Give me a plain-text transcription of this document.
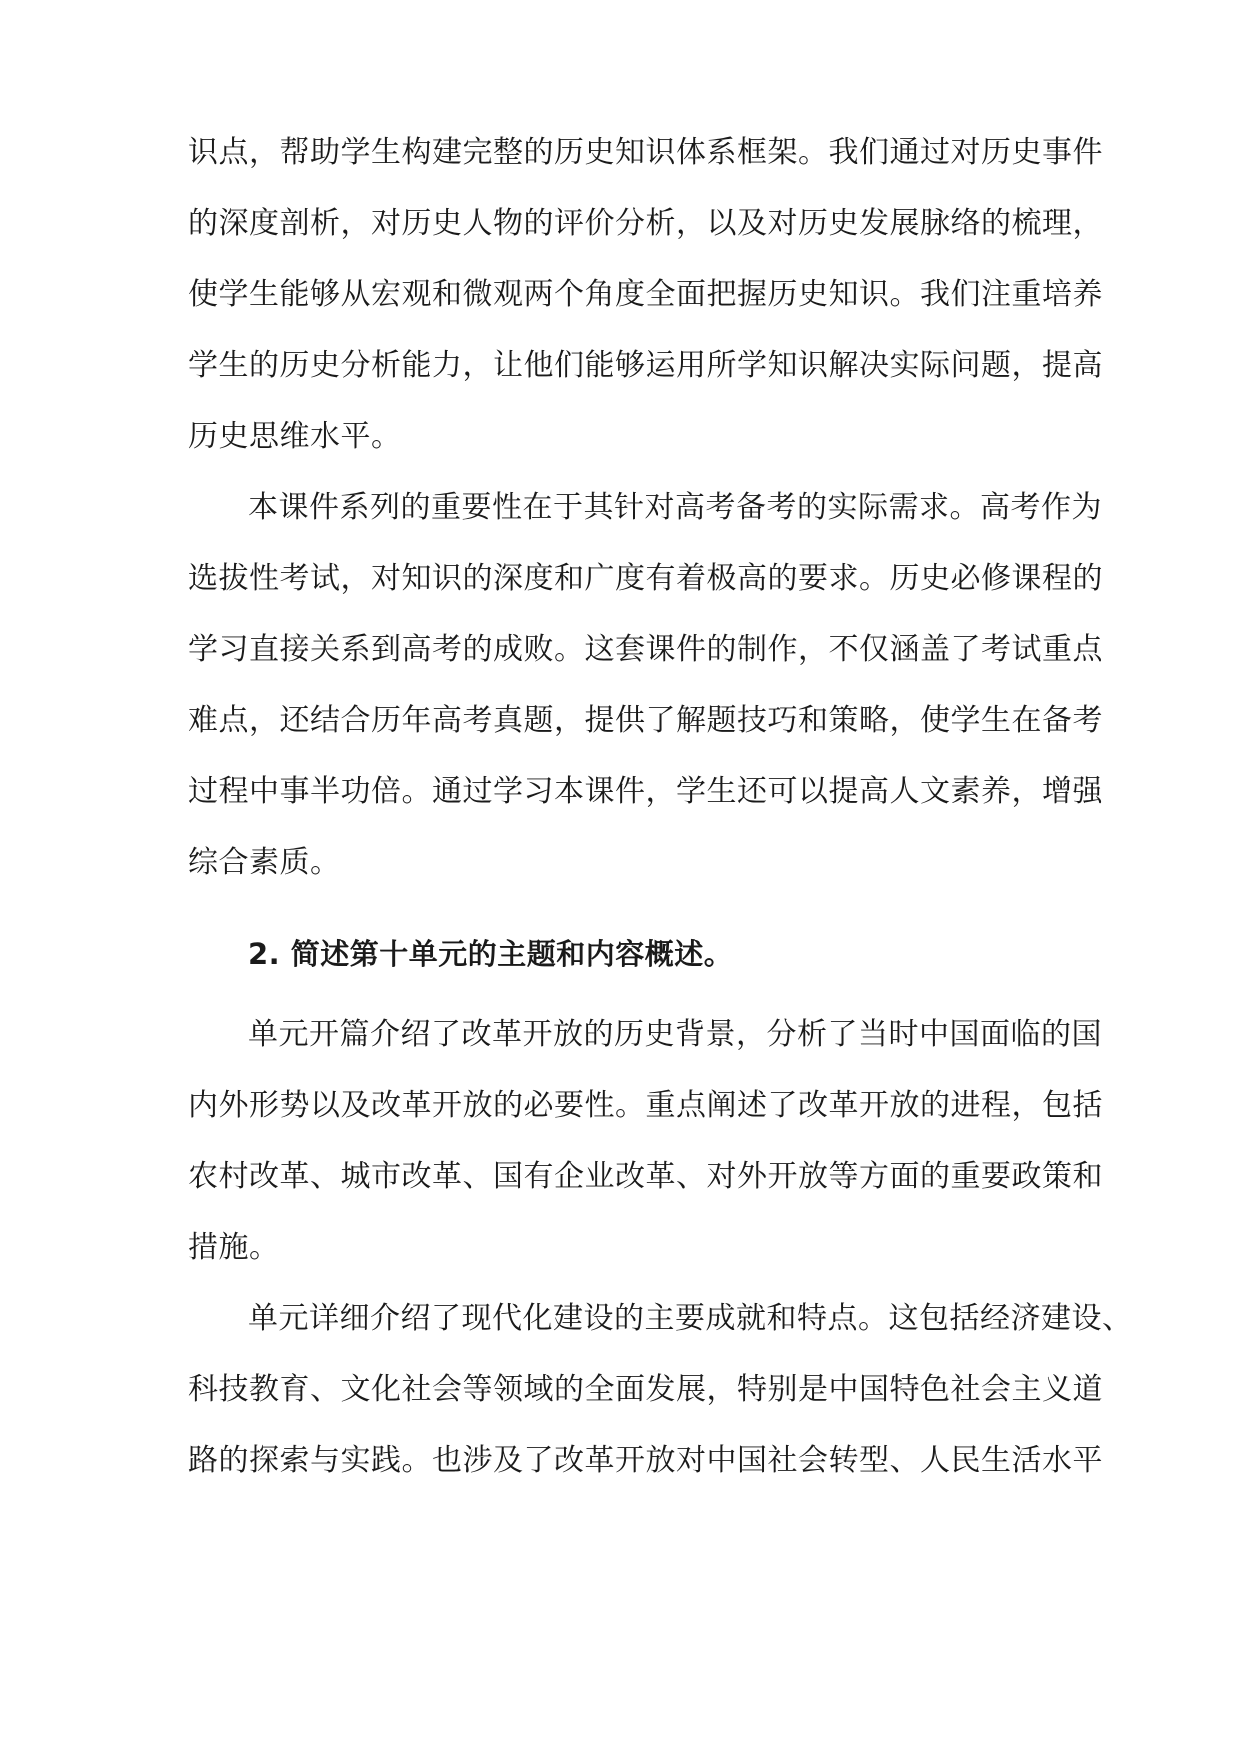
识点，帮助学生构建完整的历史知识体系框架。我们通过对历史事件
的深度剖析，对历史人物的评价分析，以及对历史发展脉络的梳理，
使学生能够从宏观和微观两个角度全面把握历史知识。我们注重培养
学生的历史分析能力，让他们能够运用所学知识解决实际问题，提高
历史思维水平。
本课件系列的重要性在于其针对高考备考的实际需求。高考作为
选拔性考试，对知识的深度和广度有着极高的要求。历史必修课程的
学习直接关系到高考的成败。这套课件的制作，不仅涵盖了考试重点
难点，还结合历年高考真题，提供了解题技巧和策略，使学生在备考
过程中事半功倍。通过学习本课件，学生还可以提高人文素养，增强
综合素质。
2. 简述第十单元的主题和内容概述。
单元开篇介绍了改革开放的历史背景，分析了当时中国面临的国
内外形势以及改革开放的必要性。重点阐述了改革开放的进程，包括
农村改革、城市改革、国有企业改革、对外开放等方面的重要政策和
措施。
单元详细介绍了现代化建设的主要成就和特点。这包括经济建设、
科技教育、文化社会等领域的全面发展，特别是中国特色社会主义道
路的探索与实践。也涉及了改革开放对中国社会转型、人民生活水平
